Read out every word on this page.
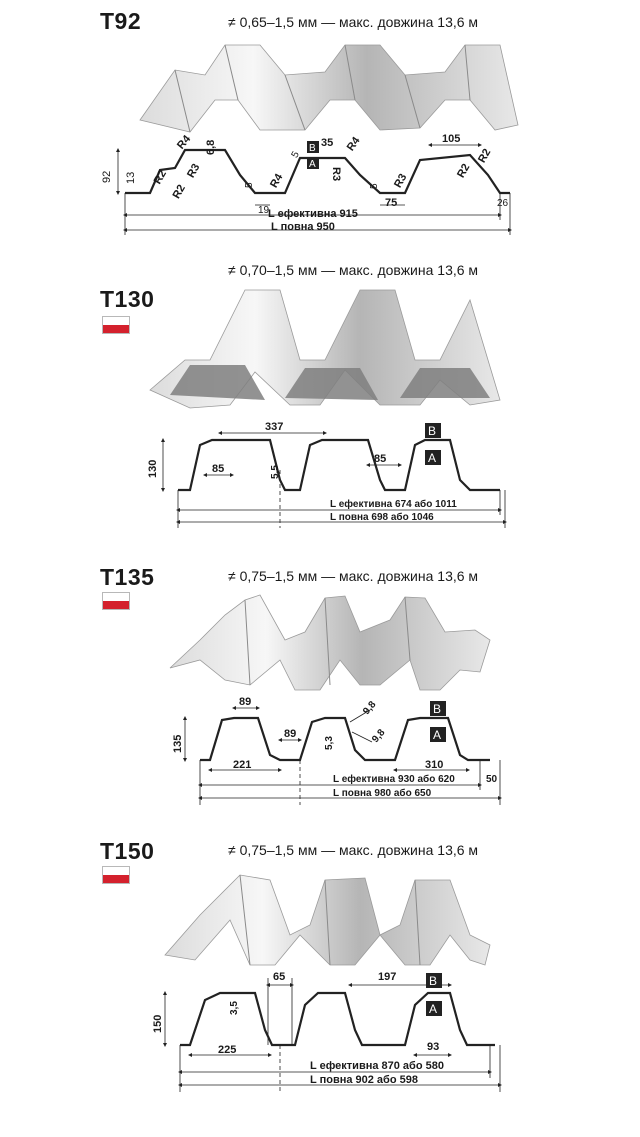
92 13
R4
R2 R3
R2
R4	R3
R4
R3
R2
R2
6,8	35
5	5
5
19
75
105
26
L ефективна 915
L повна 950
B
A
130
337
85	5,5
85
L ефективна 674 або 1011
L повна 698 або 1046
B
A
135
89
89
5,3
9,8
9,8
221	310
50
L ефективна 930 або 620
L повна 980 або 650
B
A
150
65	197
3,5
225	93
L ефективна 870 або 580
L повна 902 або 598
B
A
T92	≠ 0,65–1,5 мм — макс. довжина 13,6 м
≠ 0,70–1,5 мм — макс. довжина 13,6 м
T130
T135	≠ 0,75–1,5 мм — макс. довжина 13,6 м
T150	≠ 0,75–1,5 мм — макс. довжина 13,6 м
